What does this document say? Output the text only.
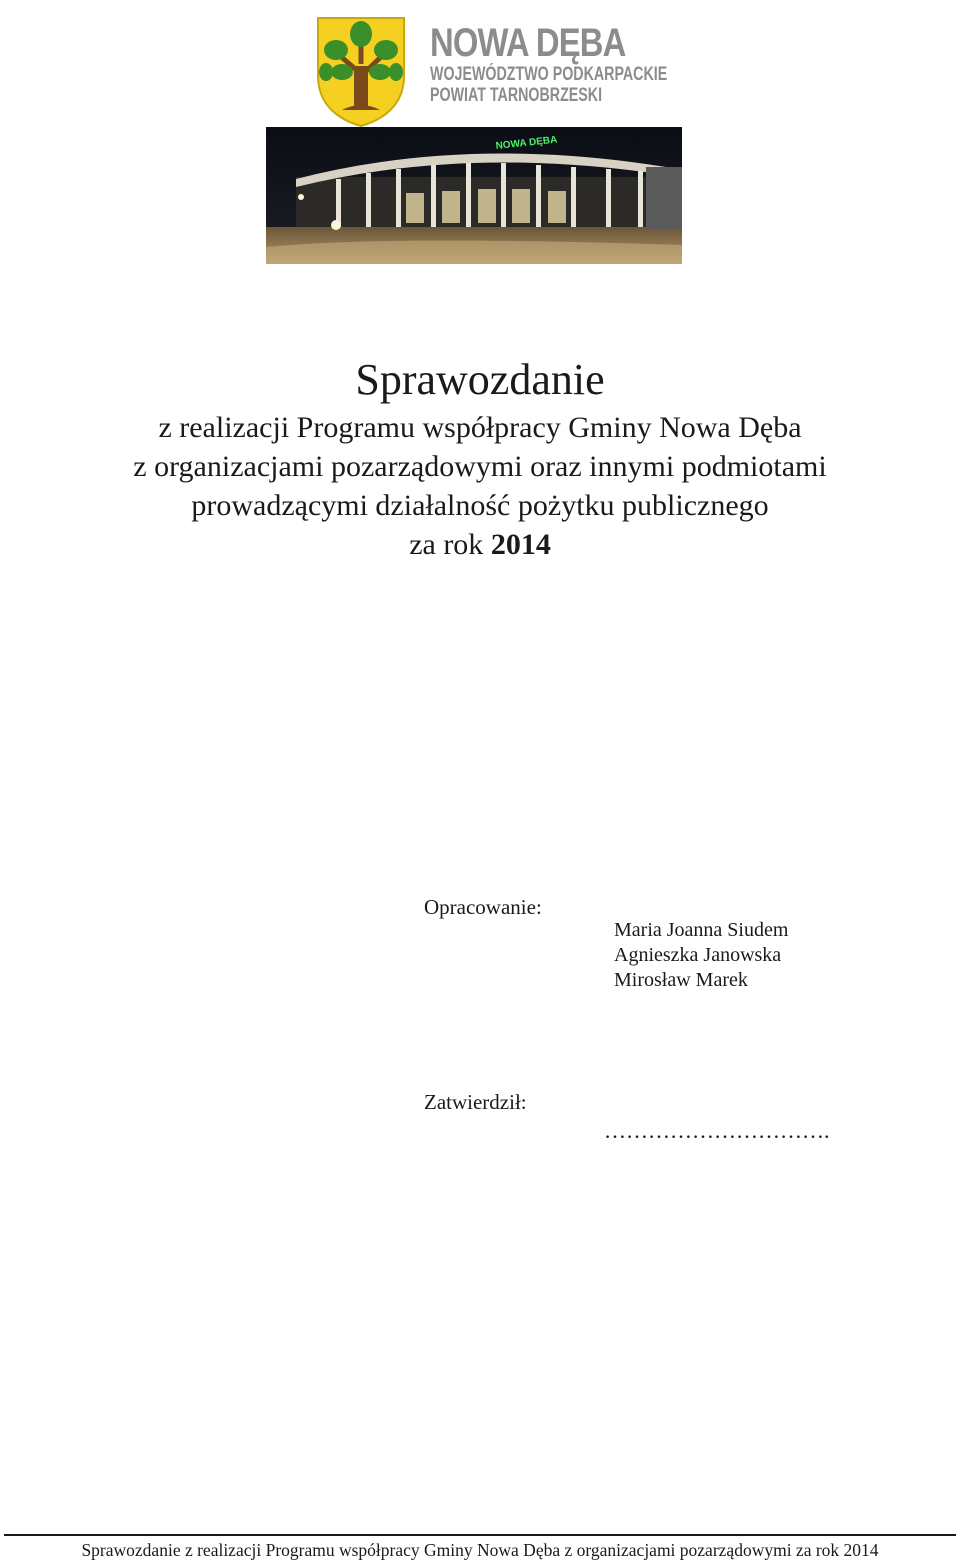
NOWA DĘBA
WOJEWÓDZTWO PODKARPACKIE
POWIAT TARNOBRZESKI
NOWA DĘBA
Sprawozdanie

z realizacji Programu współpracy Gminy Nowa Dęba

z organizacjami pozarządowymi oraz innymi podmiotami

prowadzącymi działalność pożytku publicznego

za rok 2014

Opracowanie:
Maria Joanna Siudem
Agnieszka Janowska
Mirosław Marek
Zatwierdził:
………………………….
Sprawozdanie z realizacji Programu współpracy Gminy Nowa Dęba z organizacjami pozarządowymi za rok 2014
